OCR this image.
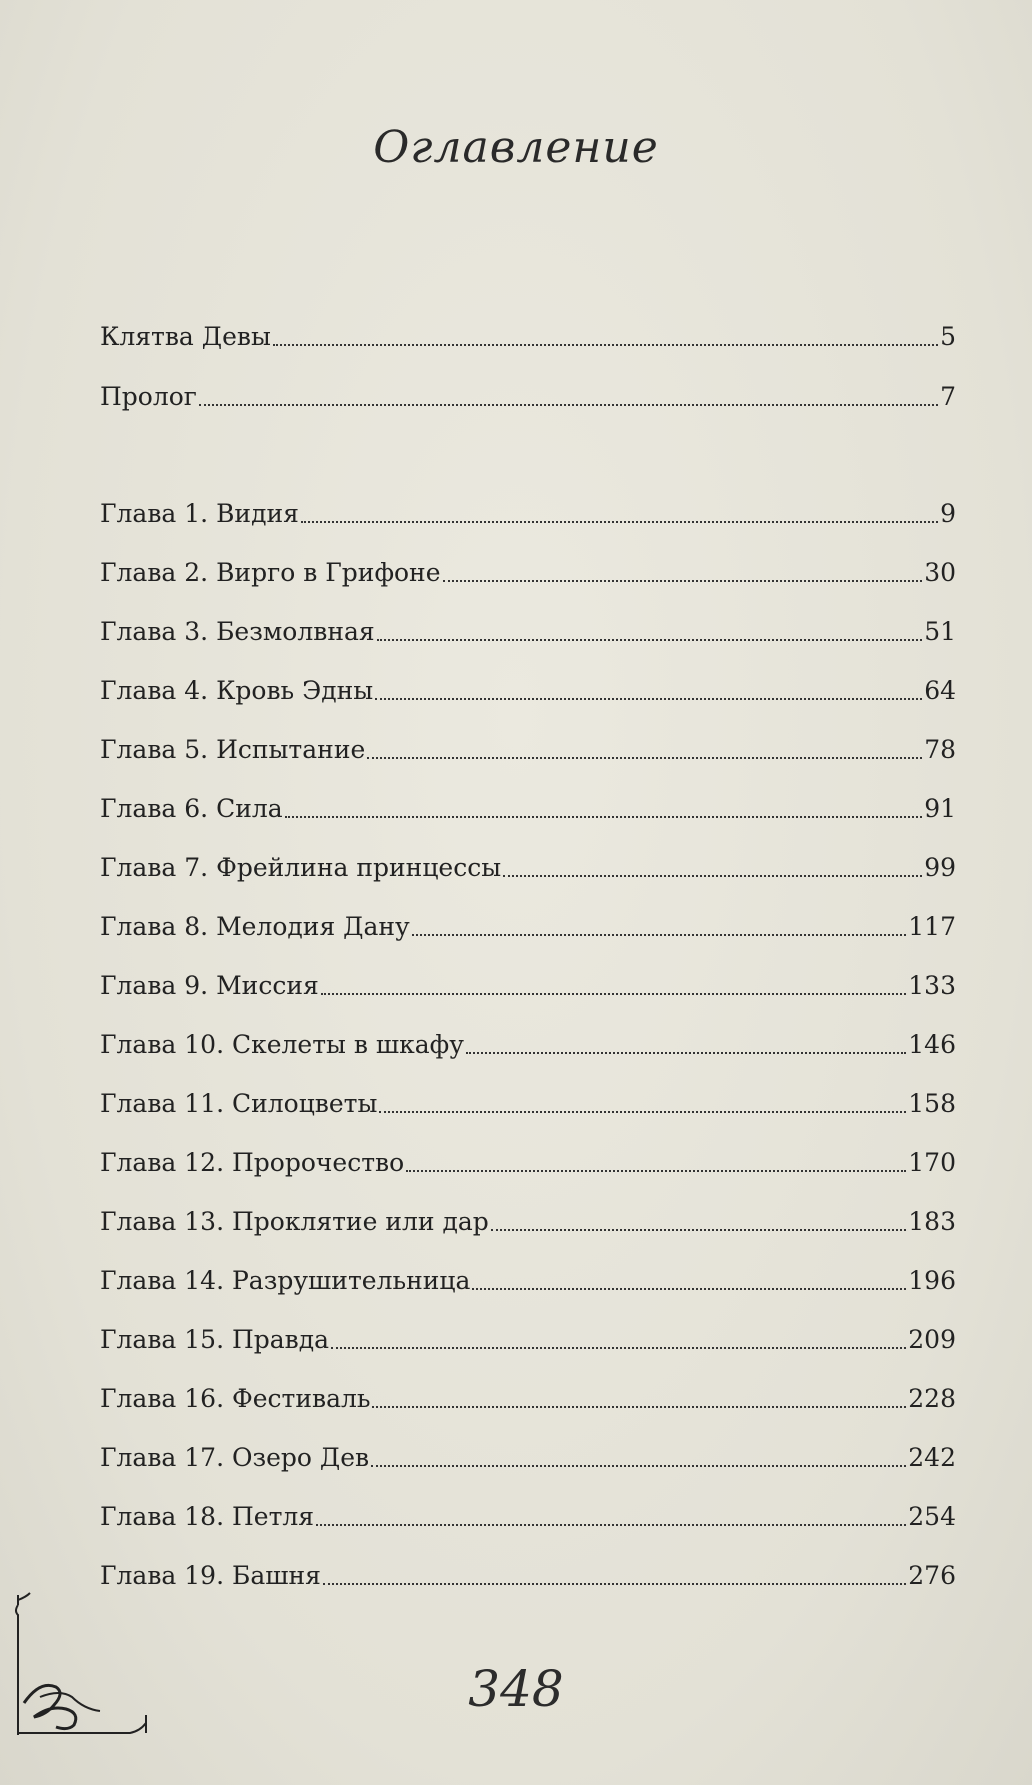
Оглавление
Клятва Девы	5
Пролог	7
Глава 1. Видия	9
Глава 2. Вирго в Грифоне	30
Глава 3. Безмолвная	51
Глава 4. Кровь Эдны	64
Глава 5. Испытание	78
Глава 6. Сила	91
Глава 7. Фрейлина принцессы	99
Глава 8. Мелодия Дану	117
Глава 9. Миссия	133
Глава 10. Скелеты в шкафу	146
Глава 11. Силоцветы	158
Глава 12. Пророчество	170
Глава 13. Проклятие или дар	183
Глава 14. Разрушительница	196
Глава 15. Правда	209
Глава 16. Фестиваль	228
Глава 17. Озеро Дев	242
Глава 18. Петля	254
Глава 19. Башня	276
348
